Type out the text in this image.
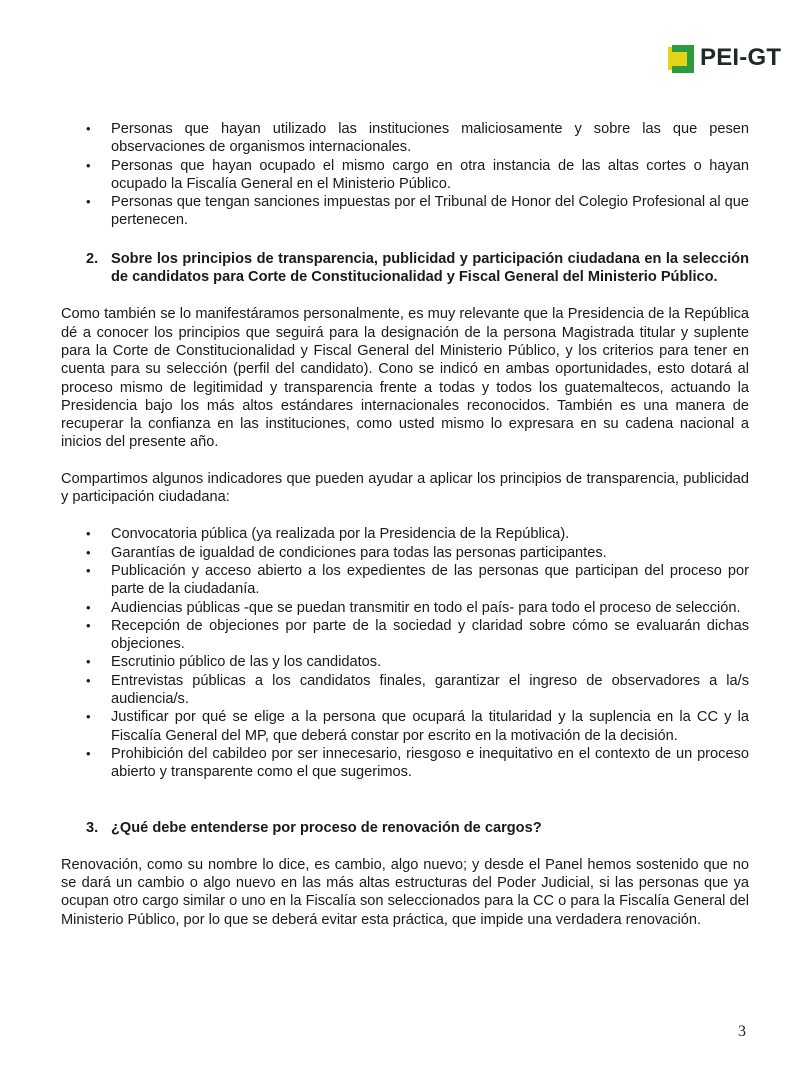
PEI-GT
• Personas que hayan utilizado las instituciones maliciosamente y sobre las que pesen observaciones de organismos internacionales.
• Personas que hayan ocupado el mismo cargo en otra instancia de las altas cortes o hayan ocupado la Fiscalía General en el Ministerio Público.
• Personas que tengan sanciones impuestas por el Tribunal de Honor del Colegio Profesional al que pertenecen.
2. Sobre los principios de transparencia, publicidad y participación ciudadana en la selección de candidatos para Corte de Constitucionalidad y Fiscal General del Ministerio Público.

Como también se lo manifestáramos personalmente, es muy relevante que la Presidencia de la República dé a conocer los principios que seguirá para la designación de la persona Magistrada titular y suplente para la Corte de Constitucionalidad y Fiscal General del Ministerio Público, y los criterios para tener en cuenta para su selección (perfil del candidato). Cono se indicó en ambas oportunidades, esto dotará al proceso mismo de legitimidad y transparencia frente a todas y todos los guatemaltecos, actuando la Presidencia bajo los más altos estándares internacionales reconocidos. También es una manera de recuperar la confianza en las instituciones, como usted mismo lo expresara en su cadena nacional a inicios del presente año.

Compartimos algunos indicadores que pueden ayudar a aplicar los principios de transparencia, publicidad y participación ciudadana:

• Convocatoria pública (ya realizada por la Presidencia de la República).
• Garantías de igualdad de condiciones para todas las personas participantes.
• Publicación y acceso abierto a los expedientes de las personas que participan del proceso por parte de la ciudadanía.
• Audiencias públicas -que se puedan transmitir en todo el país- para todo el proceso de selección.
• Recepción de objeciones por parte de la sociedad y claridad sobre cómo se evaluarán dichas objeciones.
• Escrutinio público de las y los candidatos.
• Entrevistas públicas a los candidatos finales, garantizar el ingreso de observadores a la/s audiencia/s.
• Justificar por qué se elige a la persona que ocupará la titularidad y la suplencia en la CC y la Fiscalía General del MP, que deberá constar por escrito en la motivación de la decisión.
• Prohibición del cabildeo por ser innecesario, riesgoso e inequitativo en el contexto de un proceso abierto y transparente como el que sugerimos.
3. ¿Qué debe entenderse por proceso de renovación de cargos?

Renovación, como su nombre lo dice, es cambio, algo nuevo; y desde el Panel hemos sostenido que no se dará un cambio o algo nuevo en las más altas estructuras del Poder Judicial, si las personas que ya ocupan otro cargo similar o uno en la Fiscalía son seleccionados para la CC o para la Fiscalía General del Ministerio Público, por lo que se deberá evitar esta práctica, que impide una verdadera renovación.

3
